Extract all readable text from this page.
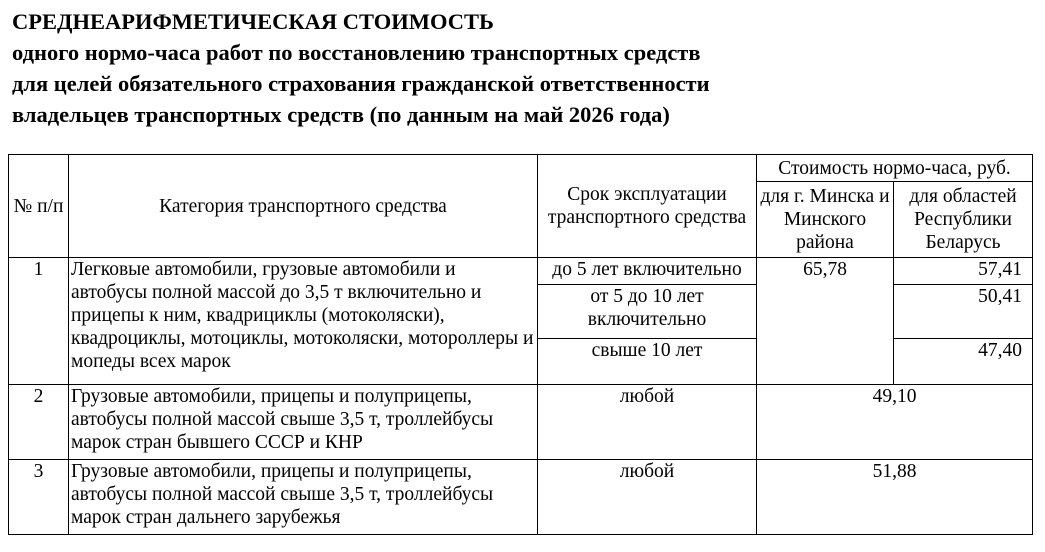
СРЕДНЕАРИФМЕТИЧЕСКАЯ СТОИМОСТЬ
одного нормо-часа работ по восстановлению транспортных средств
для целей обязательного страхования гражданской ответственности
владельцев транспортных средств (по данным на май 2026 года)
№ п/п	Категория транспортного средства	Срок эксплуатации транспортного средства	Стоимость нормо-часа, руб.	
			для г. Минска и Минского района	для областей Республики Беларусь
1	Легковые автомобили, грузовые автомобили и автобусы полной массой до 3,5 т включительно и прицепы к ним, квадрициклы (мотоколяски), квадроциклы, мотоциклы, мотоколяски, мотороллеры и мопеды всех марок	до 5 лет включительно	65,78	57,41
		от 5 до 10 лет включительно		50,41
		свыше 10 лет		47,40
2	Грузовые автомобили, прицепы и полуприцепы, автобусы полной массой свыше 3,5 т, троллейбусы марок стран бывшего СССР и КНР	любой	49,10	
3	Грузовые автомобили, прицепы и полуприцепы, автобусы полной массой свыше 3,5 т, троллейбусы марок стран дальнего зарубежья	любой	51,88	
